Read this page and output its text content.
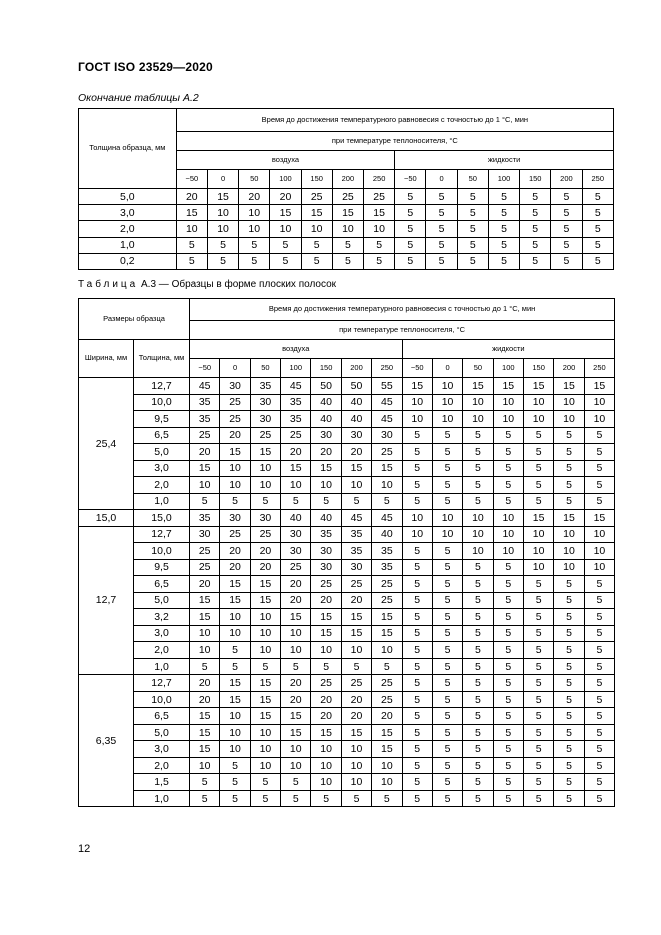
ГОСТ ISO 23529—2020
Окончание таблицы А.2
Толщина образца, мм	Время до достижения температурного равновесия с точностью до 1 °С, мин													
	при температуре теплоносителя, °С													
	воздуха							жидкости						
	−50	0	50	100	150	200	250	−50	0	50	100	150	200	250
5,0	20	15	20	20	25	25	25	5	5	5	5	5	5	5
3,0	15	10	10	15	15	15	15	5	5	5	5	5	5	5
2,0	10	10	10	10	10	10	10	5	5	5	5	5	5	5
1,0	5	5	5	5	5	5	5	5	5	5	5	5	5	5
0,2	5	5	5	5	5	5	5	5	5	5	5	5	5	5
Таблица А.3 — Образцы в форме плоских полосок
Размеры образца		Время до достижения температурного равновесия с точностью до 1 °С, мин													
		при температуре теплоносителя, °С													
Ширина, мм	Толщина, мм	воздуха							жидкости						
		−50	0	50	100	150	200	250	−50	0	50	100	150	200	250
25,4	12,7	45	30	35	45	50	50	55	15	10	15	15	15	15	15
	10,0	35	25	30	35	40	40	45	10	10	10	10	10	10	10
	9,5	35	25	30	35	40	40	45	10	10	10	10	10	10	10
	6,5	25	20	25	25	30	30	30	5	5	5	5	5	5	5
	5,0	20	15	15	20	20	20	25	5	5	5	5	5	5	5
	3,0	15	10	10	15	15	15	15	5	5	5	5	5	5	5
	2,0	10	10	10	10	10	10	10	5	5	5	5	5	5	5
	1,0	5	5	5	5	5	5	5	5	5	5	5	5	5	5
15,0	15,0	35	30	30	40	40	45	45	10	10	10	10	15	15	15
12,7	12,7	30	25	25	30	35	35	40	10	10	10	10	10	10	10
	10,0	25	20	20	30	30	35	35	5	5	10	10	10	10	10
	9,5	25	20	20	25	30	30	35	5	5	5	5	10	10	10
	6,5	20	15	15	20	25	25	25	5	5	5	5	5	5	5
	5,0	15	15	15	20	20	20	25	5	5	5	5	5	5	5
	3,2	15	10	10	15	15	15	15	5	5	5	5	5	5	5
	3,0	10	10	10	10	15	15	15	5	5	5	5	5	5	5
	2,0	10	5	10	10	10	10	10	5	5	5	5	5	5	5
	1,0	5	5	5	5	5	5	5	5	5	5	5	5	5	5
6,35	12,7	20	15	15	20	25	25	25	5	5	5	5	5	5	5
	10,0	20	15	15	20	20	20	25	5	5	5	5	5	5	5
	6,5	15	10	15	15	20	20	20	5	5	5	5	5	5	5
	5,0	15	10	10	15	15	15	15	5	5	5	5	5	5	5
	3,0	15	10	10	10	10	10	15	5	5	5	5	5	5	5
	2,0	10	5	10	10	10	10	10	5	5	5	5	5	5	5
	1,5	5	5	5	5	10	10	10	5	5	5	5	5	5	5
	1,0	5	5	5	5	5	5	5	5	5	5	5	5	5	5
12
